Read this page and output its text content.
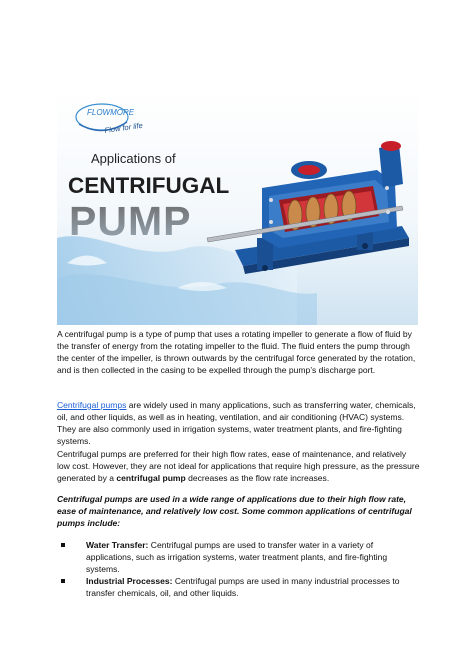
FLOWMORE
Flow for life
Applications of
CENTRIFUGAL
PUMP
A centrifugal pump is a type of pump that uses a rotating impeller to generate a flow of fluid by the transfer of energy from the rotating impeller to the fluid. The fluid enters the pump through the center of the impeller, is thrown outwards by the centrifugal force generated by the rotation, and is then collected in the casing to be expelled through the pump’s discharge port.
Centrifugal pumps are widely used in many applications, such as transferring water, chemicals, oil, and other liquids, as well as in heating, ventilation, and air conditioning (HVAC) systems. They are also commonly used in irrigation systems, water treatment plants, and fire-fighting systems.
Centrifugal pumps are preferred for their high flow rates, ease of maintenance, and relatively low cost. However, they are not ideal for applications that require high pressure, as the pressure generated by a centrifugal pump decreases as the flow rate increases.
Centrifugal pumps are used in a wide range of applications due to their high flow rate, ease of maintenance, and relatively low cost. Some common applications of centrifugal pumps include:
Water Transfer: Centrifugal pumps are used to transfer water in a variety of applications, such as irrigation systems, water treatment plants, and fire-fighting systems.
Industrial Processes: Centrifugal pumps are used in many industrial processes to transfer chemicals, oil, and other liquids.
